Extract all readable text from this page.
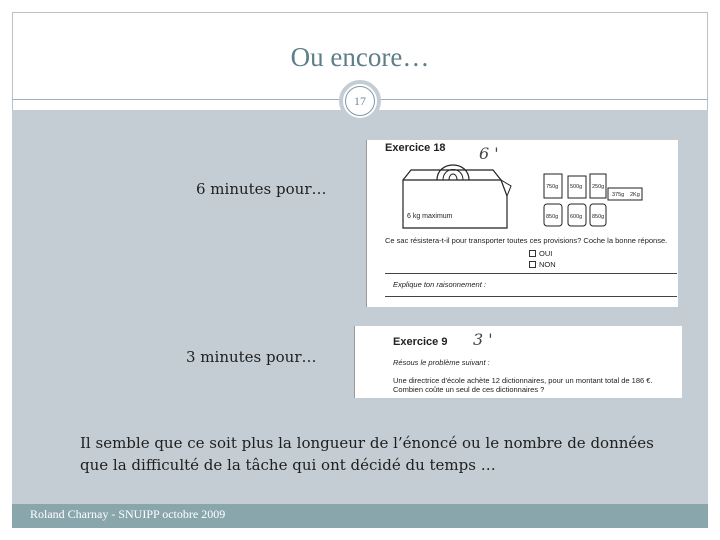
Ou encore…
17
6 minutes pour…
3 minutes pour…
Exercice 18 6 '
6 kg maximum
750g 500g 250g
850g 600g 850g
375g 2Kg
Ce sac résistera-t-il pour transporter toutes ces provisions? Coche la bonne réponse.
OUI
NON
Explique ton raisonnement :
Exercice 9 3 '
Résous le problème suivant :
Une directrice d'école achète 12 dictionnaires, pour un montant total de 186 €.
Combien coûte un seul de ces dictionnaires ?
Il semble que ce soit plus la longueur de l’énoncé ou le nombre de données que la difficulté de la tâche qui ont décidé du temps …
Roland Charnay - SNUIPP octobre 2009
